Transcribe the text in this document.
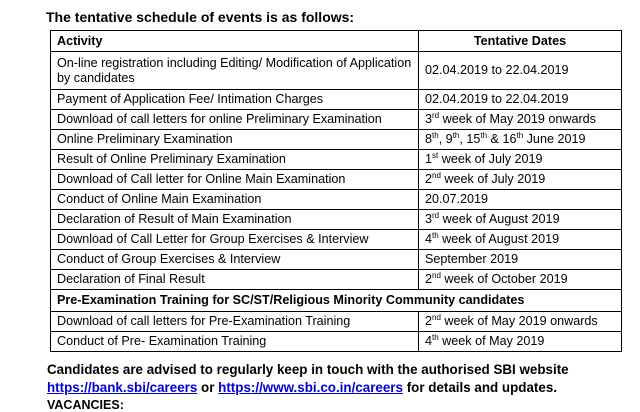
The tentative schedule of events is as follows:
Activity	Tentative Dates
On-line registration including Editing/ Modification of Application by candidates	02.04.2019 to 22.04.2019
Payment of Application Fee/ Intimation Charges	02.04.2019 to 22.04.2019
Download of call letters for online Preliminary Examination	3rd week of May 2019 onwards
Online Preliminary Examination	8th, 9th, 15th & 16th June 2019
Result of Online Preliminary Examination	1st week of July 2019
Download of Call letter for Online Main Examination	2nd week of July 2019
Conduct of Online Main Examination	20.07.2019
Declaration of Result of Main Examination	3rd week of August 2019
Download of Call Letter for Group Exercises & Interview	4th week of August 2019
Conduct of Group Exercises & Interview	September 2019
Declaration of Final Result	2nd week of October 2019
Pre-Examination Training for SC/ST/Religious Minority Community candidates	
Download of call letters for Pre-Examination Training	2nd week of May 2019 onwards
Conduct of Pre- Examination Training	4th week of May 2019
Candidates are advised to regularly keep in touch with the authorised SBI website https://bank.sbi/careers or https://www.sbi.co.in/careers for details and updates.
VACANCIES:
